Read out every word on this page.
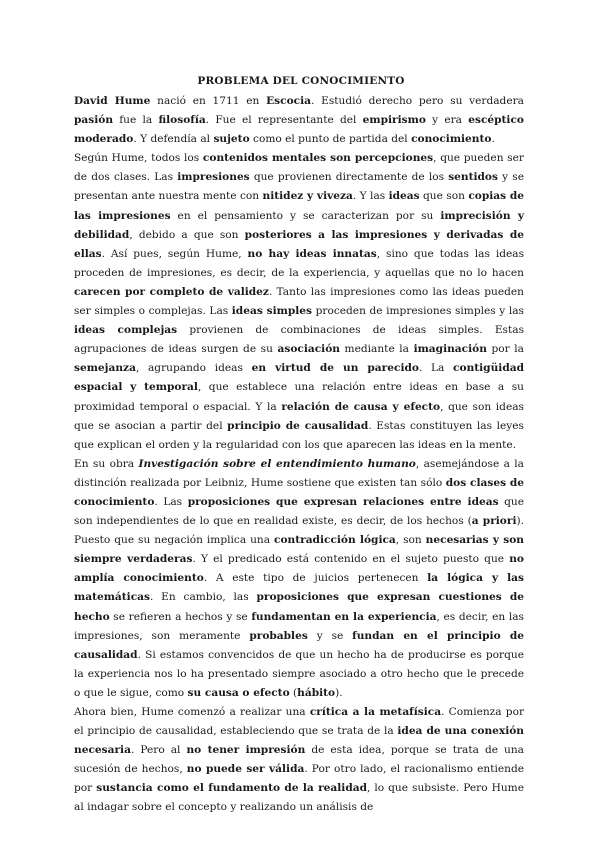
PROBLEMA DEL CONOCIMIENTO

David Hume nació en 1711 en Escocia. Estudió derecho pero su verdadera pasión fue la filosofía. Fue el representante del empirismo y era escéptico moderado. Y defendía al sujeto como el punto de partida del conocimiento.

Según Hume, todos los contenidos mentales son percepciones, que pueden ser de dos clases. Las impresiones que provienen directamente de los sentidos y se presentan ante nuestra mente con nitidez y viveza. Y las ideas que son copias de las impresiones en el pensamiento y se caracterizan por su imprecisión y debilidad, debido a que son posteriores a las impresiones y derivadas de ellas. Así pues, según Hume, no hay ideas innatas, sino que todas las ideas proceden de impresiones, es decir, de la experiencia, y aquellas que no lo hacen carecen por completo de validez. Tanto las impresiones como las ideas pueden ser simples o complejas. Las ideas simples proceden de impresiones simples y las ideas complejas provienen de combinaciones de ideas simples. Estas agrupaciones de ideas surgen de su asociación mediante la imaginación por la semejanza, agrupando ideas en virtud de un parecido. La contigüidad espacial y temporal, que establece una relación entre ideas en base a su proximidad temporal o espacial. Y la relación de causa y efecto, que son ideas que se asocian a partir del principio de causalidad. Estas constituyen las leyes que explican el orden y la regularidad con los que aparecen las ideas en la mente.

En su obra Investigación sobre el entendimiento humano, asemejándose a la distinción realizada por Leibniz, Hume sostiene que existen tan sólo dos clases de conocimiento. Las proposiciones que expresan relaciones entre ideas que son independientes de lo que en realidad existe, es decir, de los hechos (a priori). Puesto que su negación implica una contradicción lógica, son necesarias y son siempre verdaderas. Y el predicado está contenido en el sujeto puesto que no amplía conocimiento. A este tipo de juicios pertenecen la lógica y las matemáticas. En cambio, las proposiciones que expresan cuestiones de hecho se refieren a hechos y se fundamentan en la experiencia, es decir, en las impresiones, son meramente probables y se fundan en el principio de causalidad. Si estamos convencidos de que un hecho ha de producirse es porque la experiencia nos lo ha presentado siempre asociado a otro hecho que le precede o que le sigue, como su causa o efecto (hábito).

Ahora bien, Hume comenzó a realizar una crítica a la metafísica. Comienza por el principio de causalidad, estableciendo que se trata de la idea de una conexión necesaria. Pero al no tener impresión de esta idea, porque se trata de una sucesión de hechos, no puede ser válida. Por otro lado, el racionalismo entiende por sustancia como el fundamento de la realidad, lo que subsiste. Pero Hume al indagar sobre el concepto y realizando un análisis de
